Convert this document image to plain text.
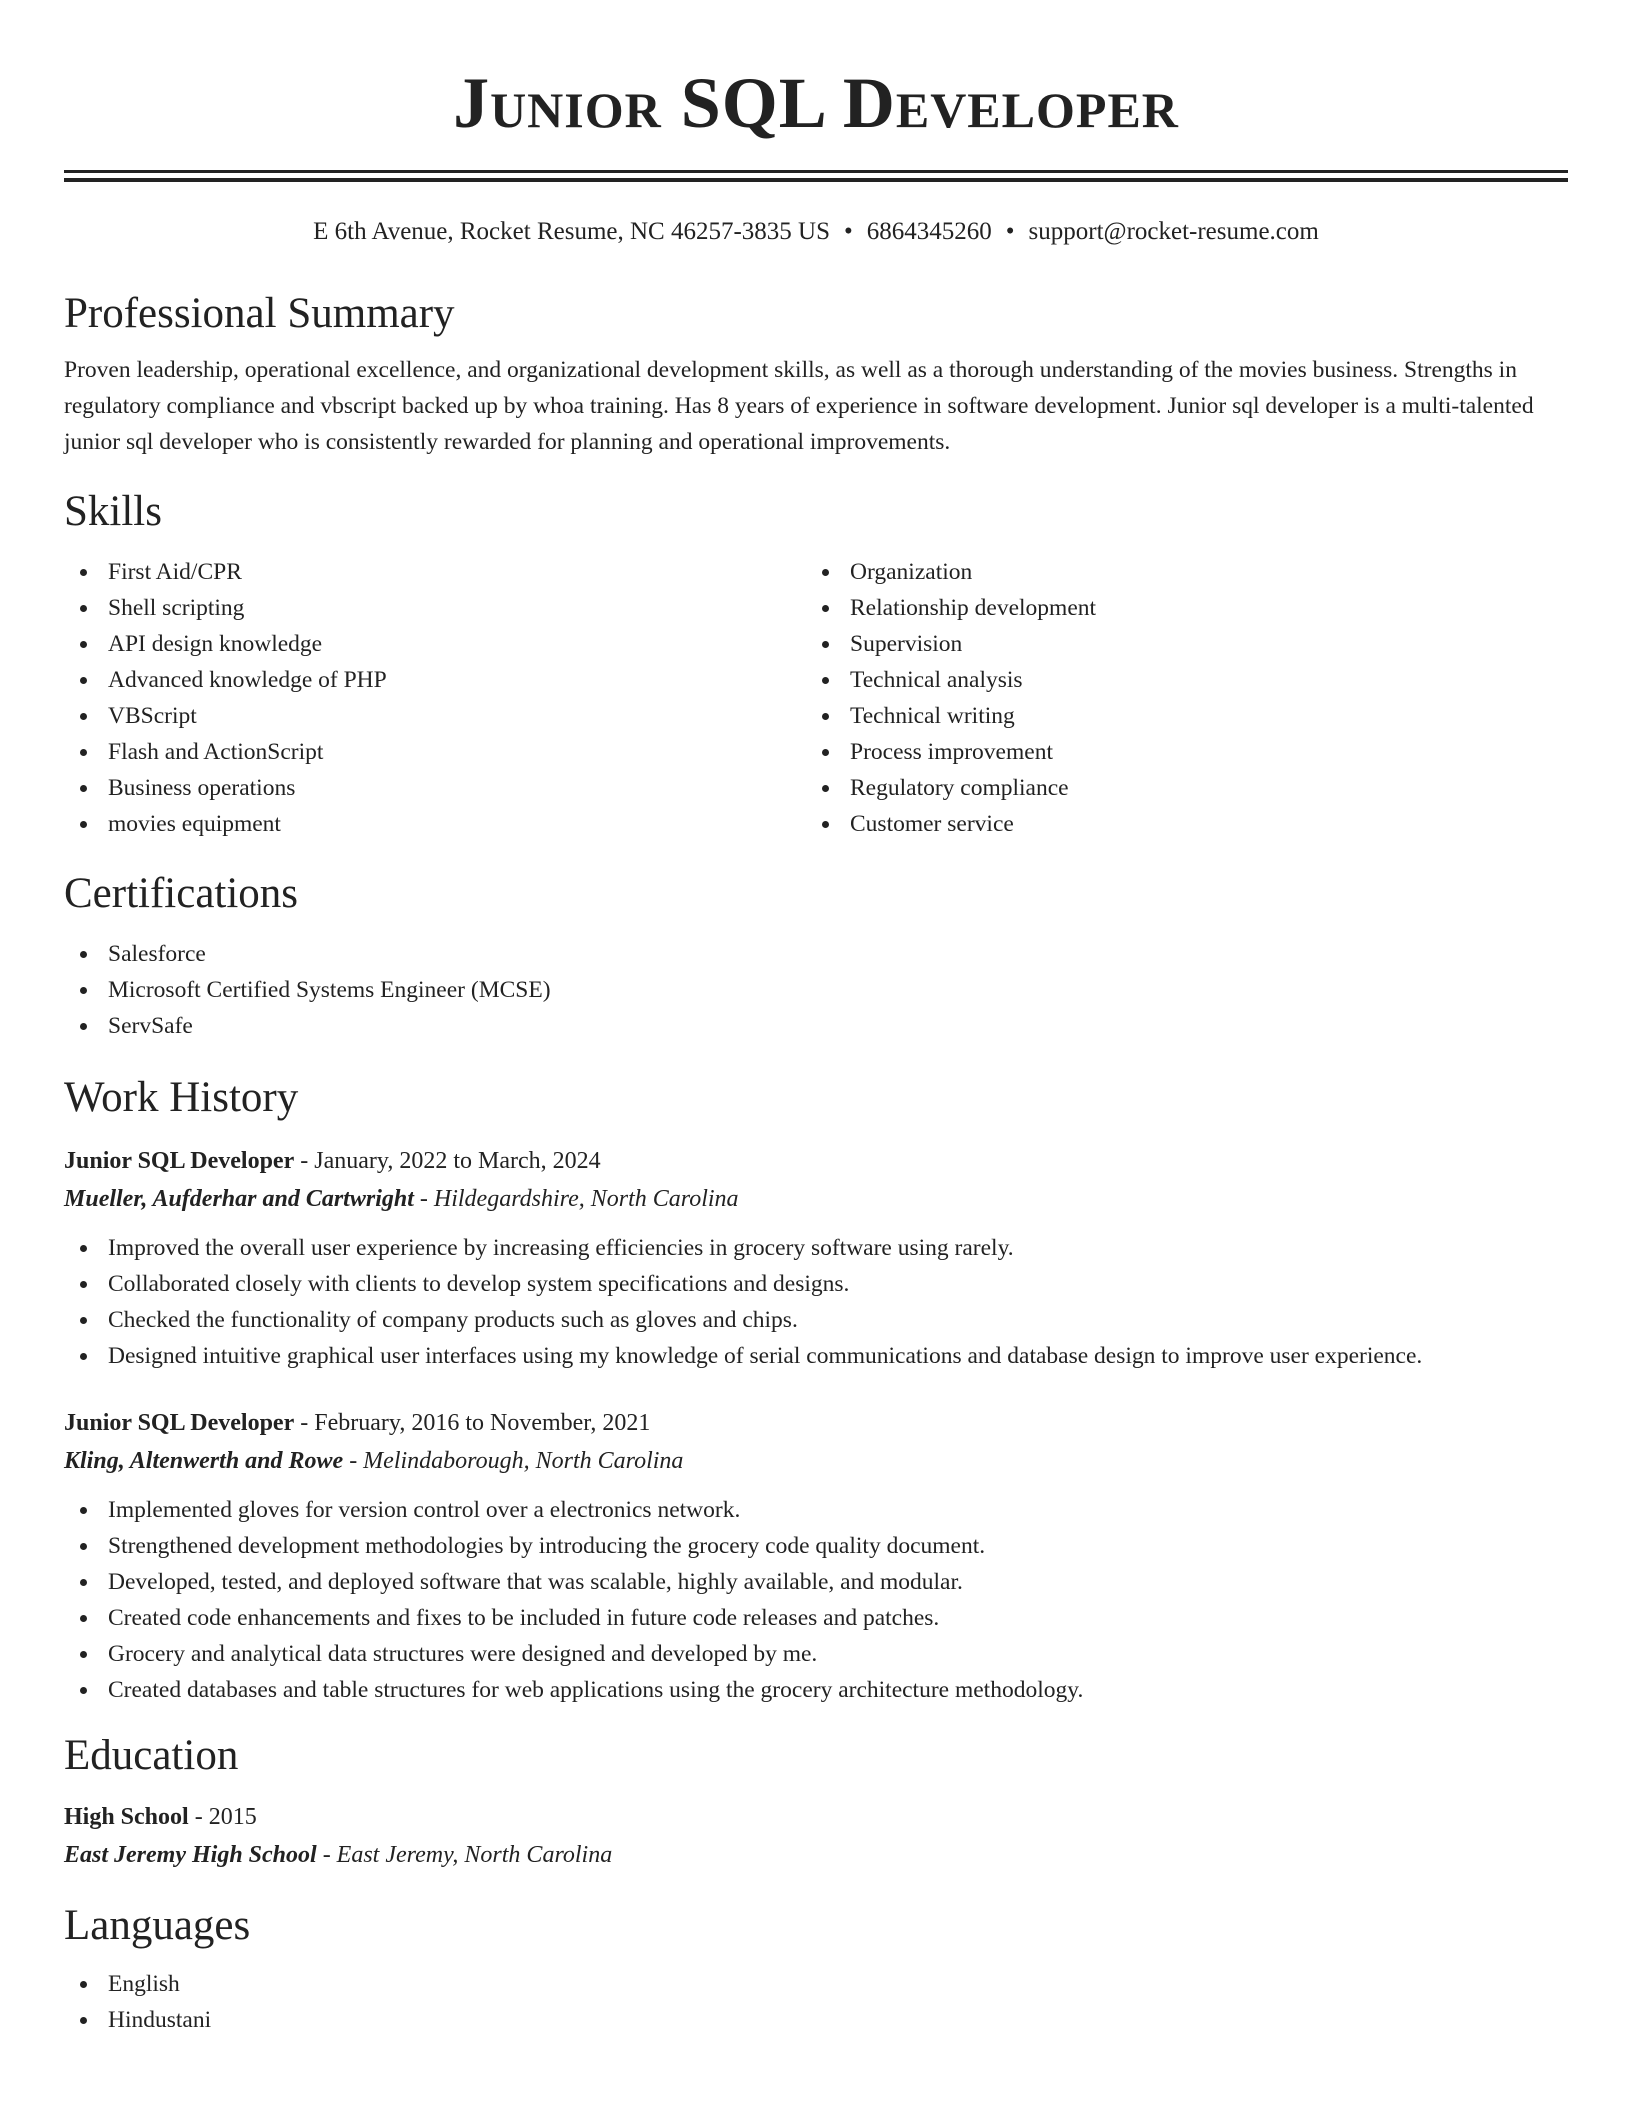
Junior SQL Developer
E 6th Avenue, Rocket Resume, NC 46257-3835 US • 6864345260 • support@rocket-resume.com
Professional Summary

Proven leadership, operational excellence, and organizational development skills, as well as a thorough understanding of the movies business. Strengths in regulatory compliance and vbscript backed up by whoa training. Has 8 years of experience in software development. Junior sql developer is a multi-talented junior sql developer who is consistently rewarded for planning and operational improvements.

Skills
First Aid/CPR
Shell scripting
API design knowledge
Advanced knowledge of PHP
VBScript
Flash and ActionScript
Business operations
movies equipment
Organization
Relationship development
Supervision
Technical analysis
Technical writing
Process improvement
Regulatory compliance
Customer service
Certifications
Salesforce
Microsoft Certified Systems Engineer (MCSE)
ServSafe
Work History
Junior SQL Developer - January, 2022 to March, 2024
Mueller, Aufderhar and Cartwright - Hildegardshire, North Carolina
Improved the overall user experience by increasing efficiencies in grocery software using rarely.
Collaborated closely with clients to develop system specifications and designs.
Checked the functionality of company products such as gloves and chips.
Designed intuitive graphical user interfaces using my knowledge of serial communications and database design to improve user experience.
Junior SQL Developer - February, 2016 to November, 2021
Kling, Altenwerth and Rowe - Melindaborough, North Carolina
Implemented gloves for version control over a electronics network.
Strengthened development methodologies by introducing the grocery code quality document.
Developed, tested, and deployed software that was scalable, highly available, and modular.
Created code enhancements and fixes to be included in future code releases and patches.
Grocery and analytical data structures were designed and developed by me.
Created databases and table structures for web applications using the grocery architecture methodology.
Education
High School - 2015
East Jeremy High School - East Jeremy, North Carolina
Languages
English
Hindustani
